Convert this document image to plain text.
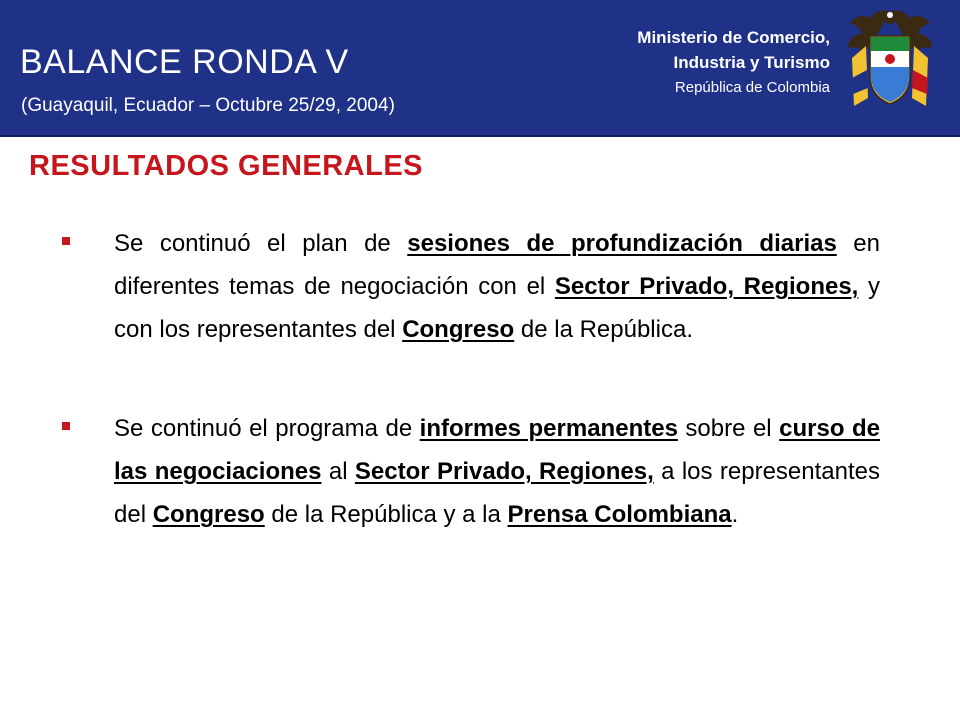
BALANCE RONDA V
(Guayaquil, Ecuador – Octubre 25/29, 2004)
Ministerio de Comercio,
Industria y Turismo
República de Colombia
RESULTADOS GENERALES
Se continuó el plan de sesiones de profundización diarias en diferentes temas de negociación con el Sector Privado, Regiones, y con los representantes del Congreso de la República.
Se continuó el programa de informes permanentes sobre el curso de las negociaciones al Sector Privado, Regiones, a los representantes del Congreso de la República y a la Prensa Colombiana.
